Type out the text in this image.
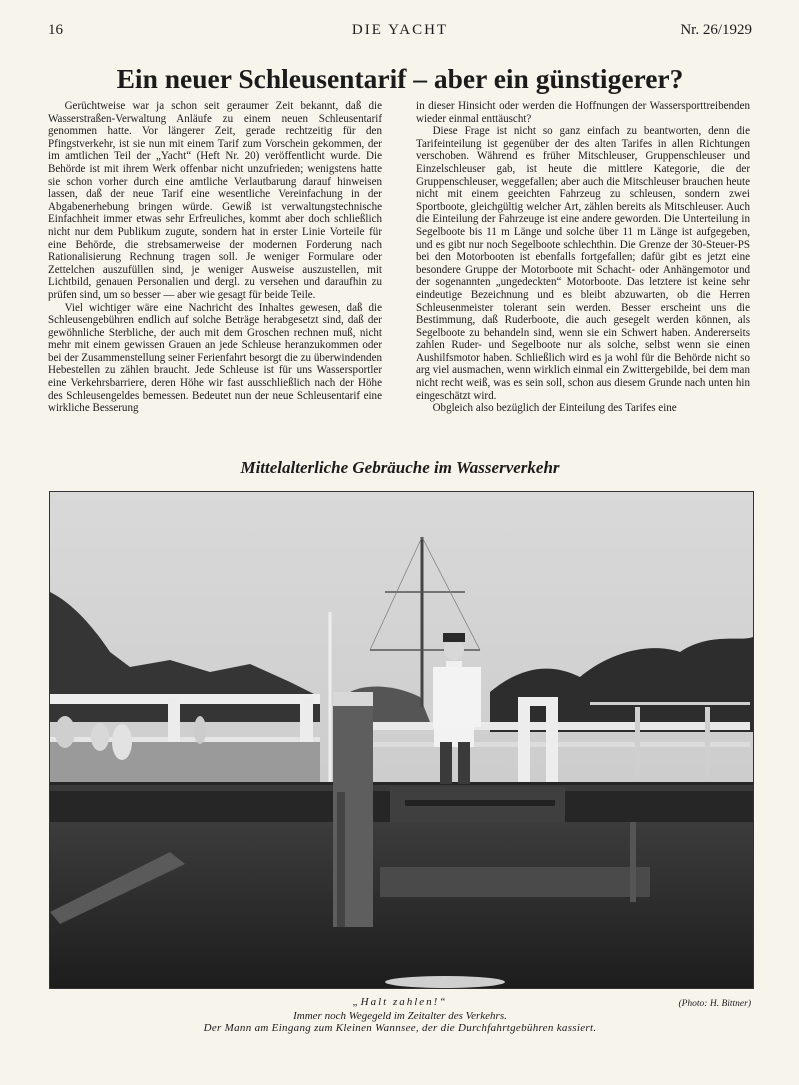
16	DIE YACHT	Nr. 26/1929
Ein neuer Schleusentarif – aber ein günstigerer?

Gerüchtweise war ja schon seit geraumer Zeit bekannt, daß die Wasserstraßen-Verwaltung Anläufe zu einem neuen Schleusentarif genommen hatte. Vor längerer Zeit, gerade rechtzeitig für den Pfingstverkehr, ist sie nun mit einem Tarif zum Vorschein gekommen, der im amtlichen Teil der „Yacht“ (Heft Nr. 20) veröffentlicht wurde. Die Behörde ist mit ihrem Werk offenbar nicht unzufrieden; wenigstens hatte sie schon vorher durch eine amtliche Verlautbarung darauf hinweisen lassen, daß der neue Tarif eine wesentliche Vereinfachung in der Abgabenerhebung bringen würde. Gewiß ist verwaltungstechnische Einfachheit immer etwas sehr Erfreuliches, kommt aber doch schließlich nicht nur dem Publikum zugute, sondern hat in erster Linie Vorteile für eine Behörde, die strebsamerweise der modernen Forderung nach Rationalisierung Rechnung tragen soll. Je weniger Formulare oder Zettelchen auszufüllen sind, je weniger Ausweise auszustellen, mit Lichtbild, genauen Personalien und dergl. zu versehen und daraufhin zu prüfen sind, um so besser — aber wie gesagt für beide Teile.

Viel wichtiger wäre eine Nachricht des Inhaltes gewesen, daß die Schleusengebühren endlich auf solche Beträge herabgesetzt sind, daß der gewöhnliche Sterbliche, der auch mit dem Groschen rechnen muß, nicht mehr mit einem gewissen Grauen an jede Schleuse heranzukommen oder bei der Zusammenstellung seiner Ferienfahrt besorgt die zu überwindenden Hebestellen zu zählen braucht. Jede Schleuse ist für uns Wassersportler eine Verkehrsbarriere, deren Höhe wir fast ausschließlich nach der Höhe des Schleusengeldes bemessen. Bedeutet nun der neue Schleusentarif eine wirkliche Besserung

in dieser Hinsicht oder werden die Hoffnungen der Wassersporttreibenden wieder einmal enttäuscht?

Diese Frage ist nicht so ganz einfach zu beantworten, denn die Tarifeinteilung ist gegenüber der des alten Tarifes in allen Richtungen verschoben. Während es früher Mitschleuser, Gruppenschleuser und Einzelschleuser gab, ist heute die mittlere Kategorie, die der Gruppenschleuser, weggefallen; aber auch die Mitschleuser brauchen heute nicht mit einem geeichten Fahrzeug zu schleusen, sondern zwei Sportboote, gleichgültig welcher Art, zählen bereits als Mitschleuser. Auch die Einteilung der Fahrzeuge ist eine andere geworden. Die Unterteilung in Segelboote bis 11 m Länge und solche über 11 m Länge ist aufgegeben, und es gibt nur noch Segelboote schlechthin. Die Grenze der 30-Steuer-PS bei den Motorbooten ist ebenfalls fortgefallen; dafür gibt es jetzt eine besondere Gruppe der Motorboote mit Schacht- oder Anhängemotor und der sogenannten „ungedeckten“ Motorboote. Das letztere ist keine sehr eindeutige Bezeichnung und es bleibt abzuwarten, ob die Herren Schleusenmeister tolerant sein werden. Besser erscheint uns die Bestimmung, daß Ruderboote, die auch gesegelt werden können, als Segelboote zu behandeln sind, wenn sie ein Schwert haben. Andererseits zahlen Ruder- und Segelboote nur als solche, selbst wenn sie einen Aushilfsmotor haben. Schließlich wird es ja wohl für die Behörde nicht so arg viel ausmachen, wenn wirklich einmal ein Zwittergebilde, bei dem man nicht recht weiß, was es sein soll, schon aus diesem Grunde nach unten hin eingeschätzt wird.

Obgleich also bezüglich der Einteilung des Tarifes eine

Mittelalterliche Gebräuche im Wasserverkehr
„Halt zahlen!“	(Photo: H. Bittner)
Immer noch Wegegeld im Zeitalter des Verkehrs.
Der Mann am Eingang zum Kleinen Wannsee, der die Durchfahrtgebühren kassiert.
